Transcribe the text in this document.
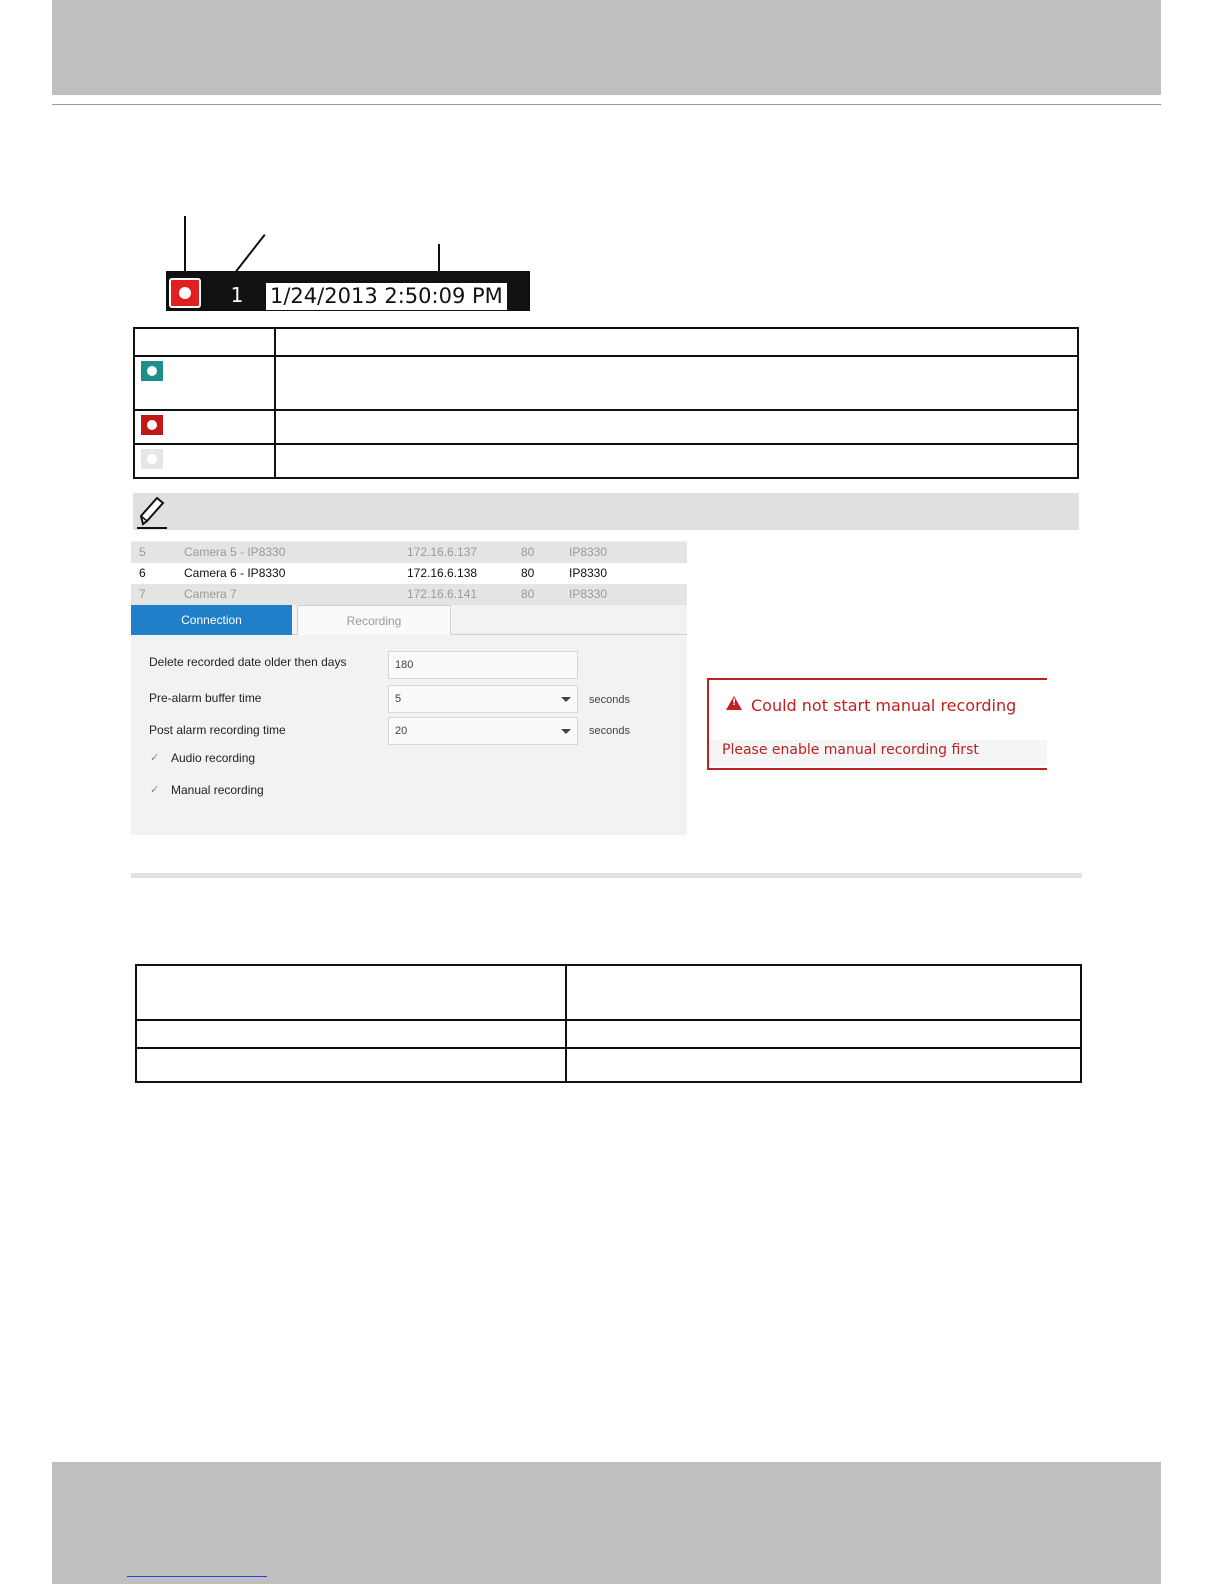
1 1/24/2013 2:50:09 PM

5	Camera 5 - IP8330	172.16.6.137	80	IP8330
6	Camera 6 - IP8330	172.16.6.138	80	IP8330
7	Camera 7	172.16.6.141	80	IP8330
Connection	Recording
Delete recorded date older then days	180
Pre-alarm buffer time	5	seconds
Post alarm recording time	20	seconds
✓ Audio recording
✓ Manual recording
! Could not start manual recording
Please enable manual recording first
